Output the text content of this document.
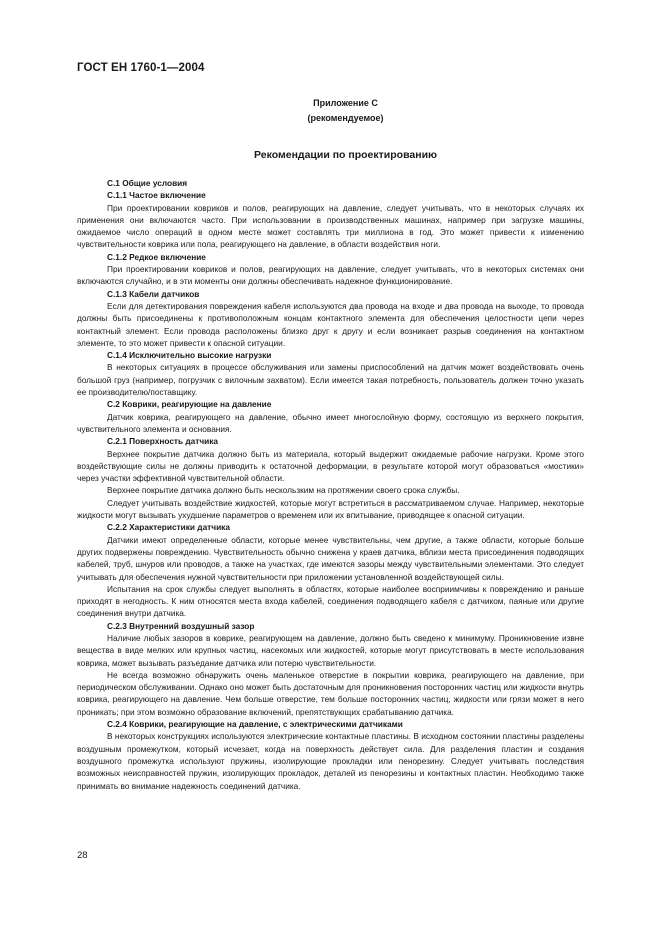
ГОСТ ЕН 1760-1—2004
Приложение С
(рекомендуемое)
Рекомендации по проектированию

С.1 Общие условия

С.1.1 Частое включение

При проектировании ковриков и полов, реагирующих на давление, следует учитывать, что в некоторых случаях их применения они включаются часто. При использовании в производственных машинах, например при загрузке машины, ожидаемое число операций в одном месте может составлять три миллиона в год. Это может привести к изменению чувствительности коврика или пола, реагирующего на давление, в области воздействия ноги.

С.1.2 Редкое включение

При проектировании ковриков и полов, реагирующих на давление, следует учитывать, что в некоторых системах они включаются случайно, и в эти моменты они должны обеспечивать надежное функционирование.

С.1.3 Кабели датчиков

Если для детектирования повреждения кабеля используются два провода на входе и два провода на выходе, то провода должны быть присоединены к противоположным концам контактного элемента для обеспечения целостности цепи через контактный элемент. Если провода расположены близко друг к другу и если возникает разрыв соединения на контактном элементе, то это может привести к опасной ситуации.

С.1.4 Исключительно высокие нагрузки

В некоторых ситуациях в процессе обслуживания или замены приспособлений на датчик может воздействовать очень большой груз (например, погрузчик с вилочным захватом). Если имеется такая потребность, пользователь должен точно указать ее производителю/поставщику.

С.2 Коврики, реагирующие на давление

Датчик коврика, реагирующего на давление, обычно имеет многослойную форму, состоящую из верхнего покрытия, чувствительного элемента и основания.

С.2.1 Поверхность датчика

Верхнее покрытие датчика должно быть из материала, который выдержит ожидаемые рабочие нагрузки. Кроме этого воздействующие силы не должны приводить к остаточной деформации, в результате которой могут образоваться «мостики» через участки эффективной чувствительной области.

Верхнее покрытие датчика должно быть нескользким на протяжении своего срока службы.

Следует учитывать воздействие жидкостей, которые могут встретиться в рассматриваемом случае. Например, некоторые жидкости могут вызывать ухудшение параметров о временем или их впитывание, приводящее к опасной ситуации.

С.2.2 Характеристики датчика

Датчики имеют определенные области, которые менее чувствительны, чем другие, а также области, которые больше других подвержены повреждению. Чувствительность обычно снижена у краев датчика, вблизи места присоединения подводящих кабелей, труб, шнуров или проводов, а также на участках, где имеются зазоры между чувствительными элементами. Это следует учитывать для обеспечения нужной чувствительности при приложении установленной воздействующей силы.

Испытания на срок службы следует выполнять в областях, которые наиболее восприимчивы к повреждению и раньше приходят в негодность. К ним относятся места входа кабелей, соединения подводящего кабеля с датчиком, паяные или другие соединения внутри датчика.

С.2.3 Внутренний воздушный зазор

Наличие любых зазоров в коврике, реагирующем на давление, должно быть сведено к минимуму. Проникновение извне вещества в виде мелких или крупных частиц, насекомых или жидкостей, которые могут присутствовать в месте использования коврика, может вызывать разъедание датчика или потерю чувствительности.

Не всегда возможно обнаружить очень маленькое отверстие в покрытии коврика, реагирующего на давление, при периодическом обслуживании. Однако оно может быть достаточным для проникновения посторонних частиц или жидкости внутрь коврика, реагирующего на давление. Чем больше отверстие, тем больше посторонних частиц, жидкости или грязи может в него проникать; при этом возможно образование включений, препятствующих срабатыванию датчика.

С.2.4 Коврики, реагирующие на давление, с электрическими датчиками

В некоторых конструкциях используются электрические контактные пластины. В исходном состоянии пластины разделены воздушным промежутком, который исчезает, когда на поверхность действует сила. Для разделения пластин и создания воздушного промежутка используют пружины, изолирующие прокладки или пенорезину. Следует учитывать последствия возможных неисправностей пружин, изолирующих прокладок, деталей из пенорезины и контактных пластин. Необходимо также принимать во внимание надежность соединений датчика.

28
